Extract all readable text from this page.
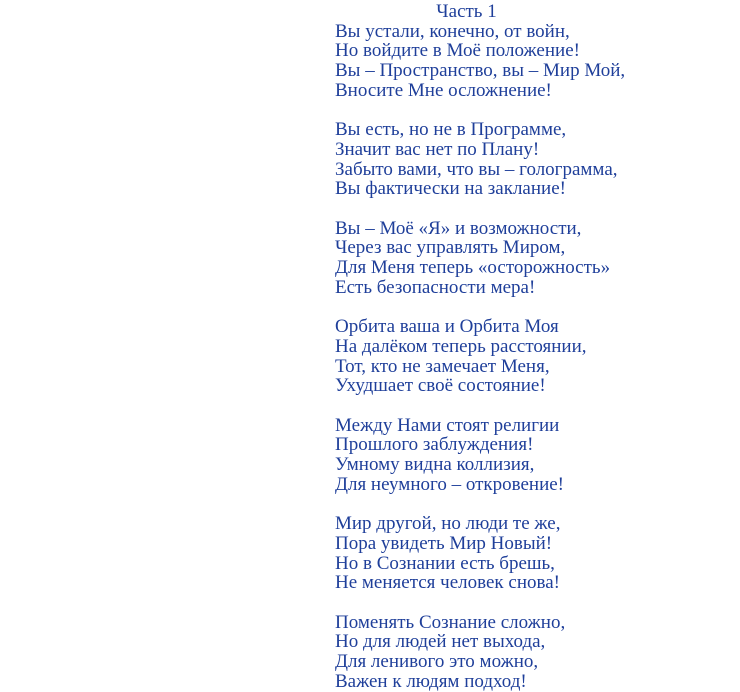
Часть 1
Вы устали, конечно, от войн,
Но войдите в Моё положение!
Вы – Пространство, вы – Мир Мой,
Вносите Мне осложнение!
Вы есть, но не в Программе,
Значит вас нет по Плану!
Забыто вами, что вы – голограмма,
Вы фактически на заклание!
Вы – Моё «Я» и возможности,
Через вас управлять Миром,
Для Меня теперь «осторожность»
Есть безопасности мера!
Орбита ваша и Орбита Моя
На далёком теперь расстоянии,
Тот, кто не замечает Меня,
Ухудшает своё состояние!
Между Нами стоят религии
Прошлого заблуждения!
Умному видна коллизия,
Для неумного – откровение!
Мир другой, но люди те же,
Пора увидеть Мир Новый!
Но в Сознании есть брешь,
Не меняется человек снова!
Поменять Сознание сложно,
Но для людей нет выхода,
Для ленивого это можно,
Важен к людям подход!
